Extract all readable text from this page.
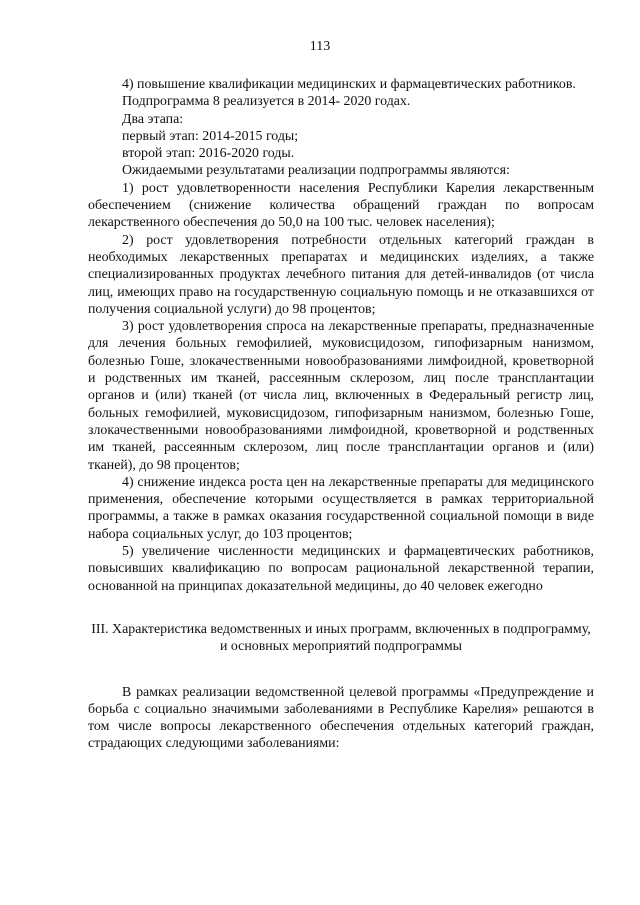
113

4) повышение квалификации медицинских и фармацевтических работников.

Подпрограмма 8 реализуется в 2014- 2020 годах.

Два этапа:

первый этап: 2014-2015 годы;

второй этап: 2016-2020 годы.

Ожидаемыми результатами реализации подпрограммы являются:

1) рост удовлетворенности населения Республики Карелия лекарственным обеспечением (снижение количества обращений граждан по вопросам лекарственного обеспечения до 50,0 на 100 тыс. человек населения);

2) рост удовлетворения потребности отдельных категорий граждан в необходимых лекарственных препаратах и медицинских изделиях, а также специализированных продуктах лечебного питания для детей-инвалидов (от числа лиц, имеющих право на государственную социальную помощь и не отказавшихся от получения социальной услуги) до 98 процентов;

3) рост удовлетворения спроса на лекарственные препараты, предназначенные для лечения больных гемофилией, муковисцидозом, гипофизарным нанизмом, болезнью Гоше, злокачественными новообразованиями лимфоидной, кроветворной и родственных им тканей, рассеянным склерозом, лиц после трансплантации органов и (или) тканей (от числа лиц, включенных в Федеральный регистр лиц, больных гемофилией, муковисцидозом, гипофизарным нанизмом, болезнью Гоше, злокачественными новообразованиями лимфоидной, кроветворной и родственных им тканей, рассеянным склерозом, лиц после трансплантации органов и (или) тканей), до 98 процентов;

4) снижение индекса роста цен на лекарственные препараты для медицинского применения, обеспечение которыми осуществляется в рамках территориальной программы, а также в рамках оказания государственной социальной помощи в виде набора социальных услуг, до 103 процентов;

5) увеличение численности медицинских и фармацевтических работников, повысивших квалификацию по вопросам рациональной лекарственной терапии, основанной на принципах доказательной медицины, до 40 человек ежегодно

III. Характеристика ведомственных и иных программ, включенных в подпрограмму, и основных мероприятий подпрограммы

В рамках реализации ведомственной целевой программы «Предупреждение и борьба с социально значимыми заболеваниями в Республике Карелия» решаются в том числе вопросы лекарственного обеспечения отдельных категорий граждан, страдающих следующими заболеваниями:
